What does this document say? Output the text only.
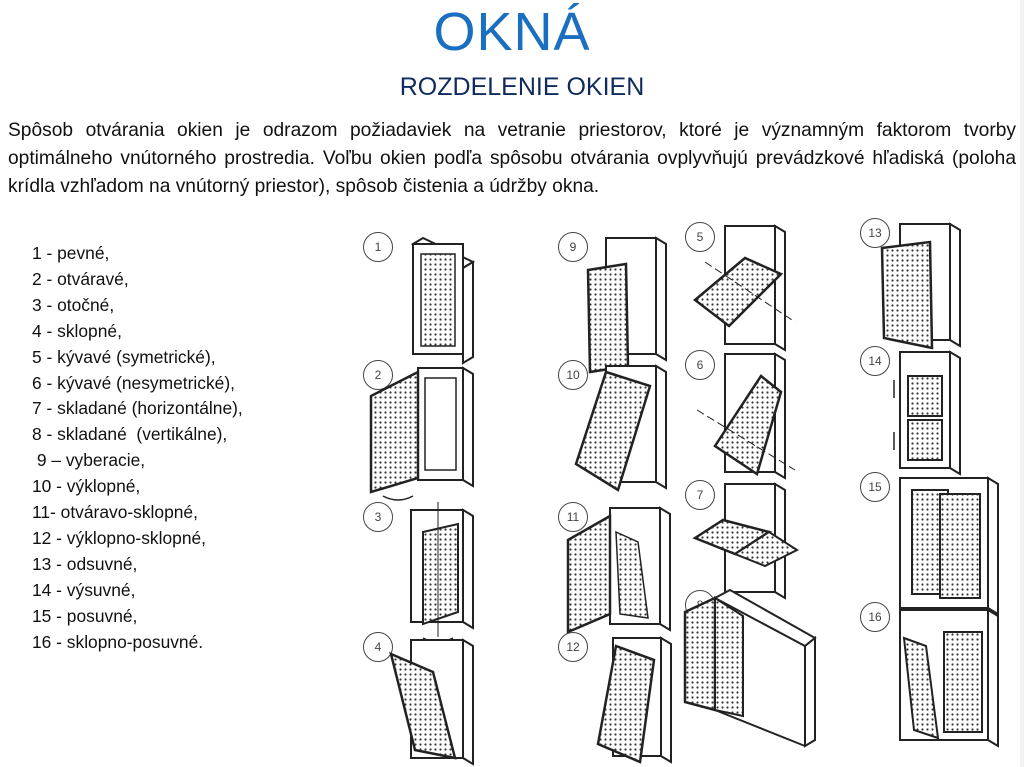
OKNÁ
ROZDELENIE OKIEN
Spôsob otvárania okien je odrazom požiadaviek na vetranie priestorov, ktoré je významným faktorom tvorby optimálneho vnútorného prostredia. Voľbu okien podľa spôsobu otvárania ovplyvňujú prevádzkové hľadiská (poloha krídla vzhľadom na vnútorný priestor), spôsob čistenia a údržby okna.
1 - pevné,
2 - otváravé,
3 - otočné,
4 - sklopné,
5 - kývavé (symetrické),
6 - kývavé (nesymetrické),
7 - skladané (horizontálne),
8 - skladané  (vertikálne),
9 – vyberacie,
10 - výklopné,
11- otváravo-sklopné,
12 - výklopno-sklopné,
13 - odsuvné,
14 - výsuvné,
15 - posuvné,
16 - sklopno-posuvné.
1
2
3
4
9
10
11
12
5
6
7
13
14
15
16
